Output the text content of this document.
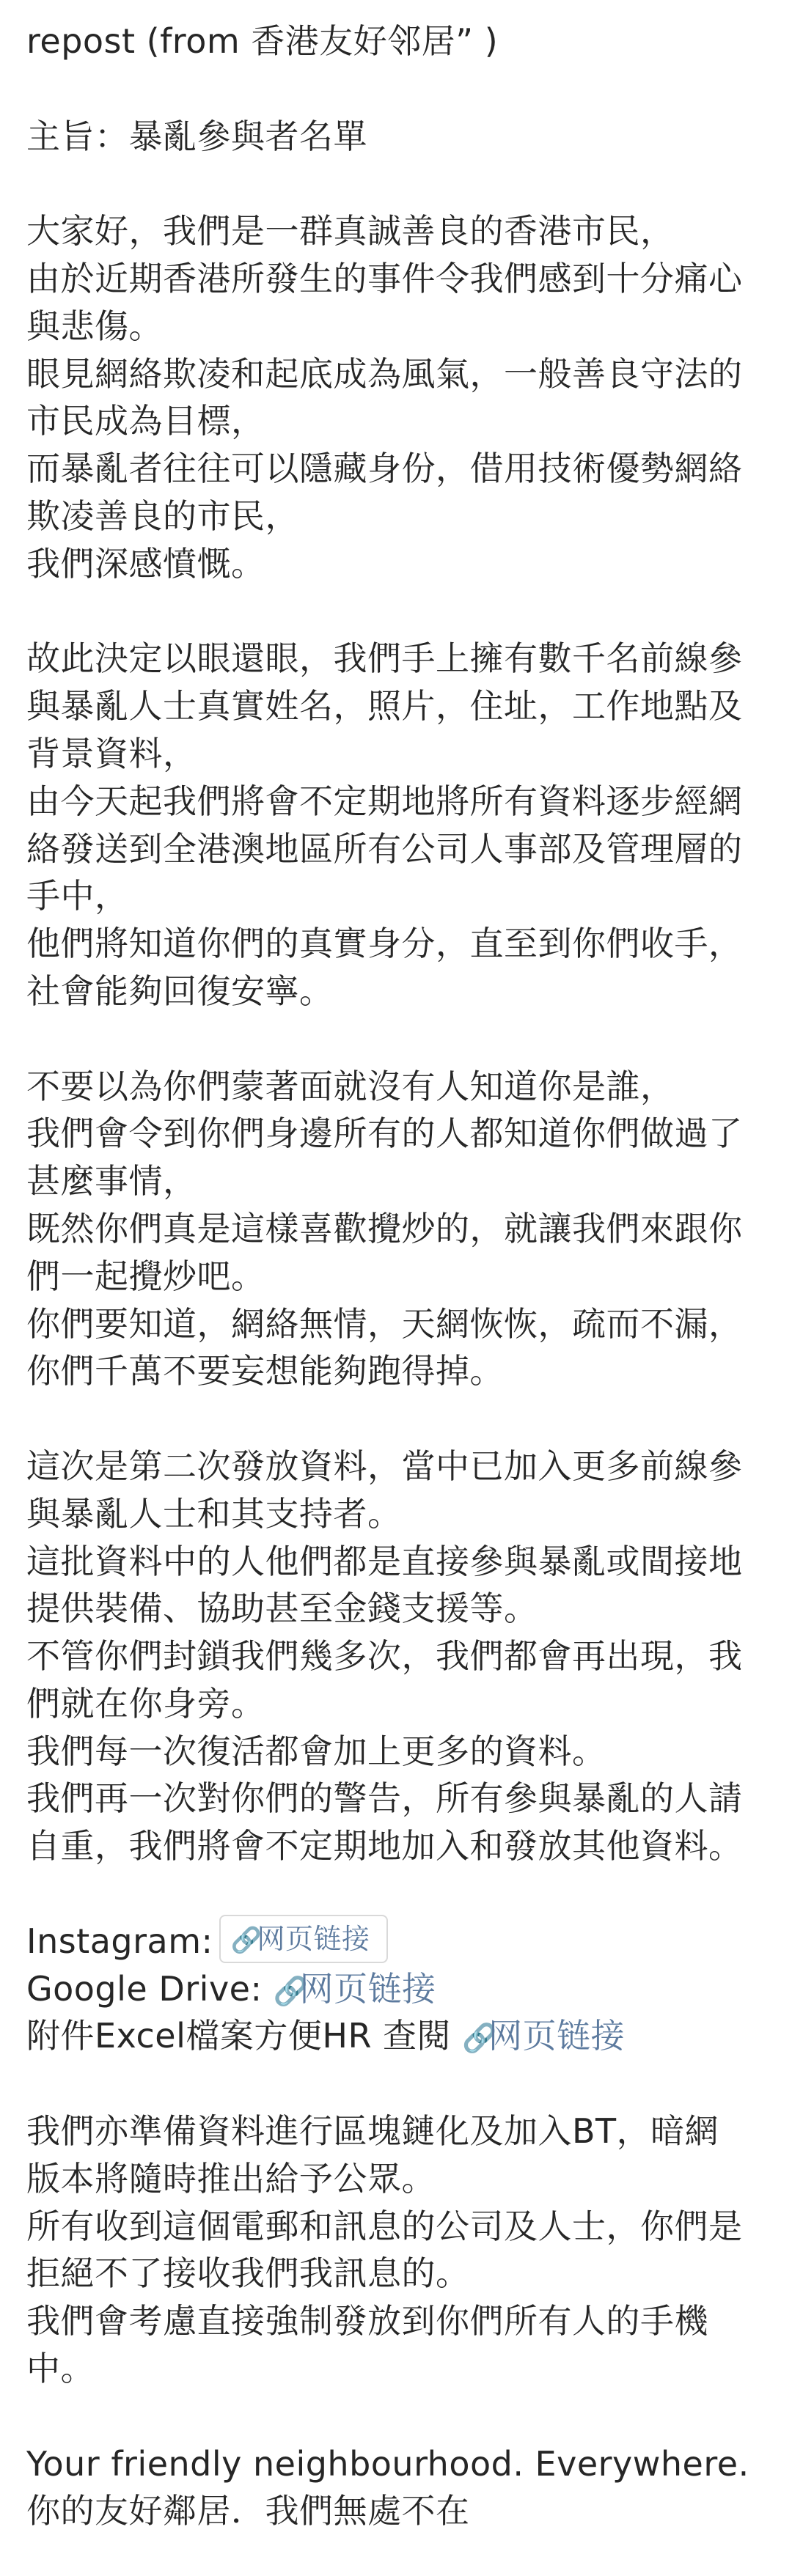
repost (from 香港友好邻居” )
主旨：暴亂參與者名單
大家好，我們是一群真誠善良的香港市民，
由於近期香港所發生的事件令我們感到十分痛心
與悲傷。
眼見網絡欺凌和起底成為風氣，一般善良守法的
市民成為目標，
而暴亂者往往可以隱藏身份，借用技術優勢網絡
欺凌善良的市民，
我們深感憤慨。
故此決定以眼還眼，我們手上擁有數千名前線參
與暴亂人士真實姓名，照片，住址，工作地點及
背景資料，
由今天起我們將會不定期地將所有資料逐步經網
絡發送到全港澳地區所有公司人事部及管理層的
手中，
他們將知道你們的真實身分，直至到你們收手，
社會能夠回復安寧。
不要以為你們蒙著面就沒有人知道你是誰，
我們會令到你們身邊所有的人都知道你們做過了
甚麼事情，
既然你們真是這樣喜歡攪炒的，就讓我們來跟你
們一起攪炒吧。
你們要知道，網絡無情，天網恢恢，疏而不漏，
你們千萬不要妄想能夠跑得掉。
這次是第二次發放資料，當中已加入更多前線參
與暴亂人士和其支持者。
這批資料中的人他們都是直接參與暴亂或間接地
提供裝備、協助甚至金錢支援等。
不管你們封鎖我們幾多次，我們都會再出現，我
們就在你身旁。
我們每一次復活都會加上更多的資料。
我們再一次對你們的警告，所有參與暴亂的人請
自重，我們將會不定期地加入和發放其他資料。
Instagram: 🔗网页链接
Google Drive: 🔗网页链接
附件Excel檔案方便HR 查閱 🔗网页链接
我們亦準備資料進行區塊鏈化及加入BT，暗網
版本將隨時推出給予公眾。
所有收到這個電郵和訊息的公司及人士，你們是
拒絕不了接收我們我訊息的。
我們會考慮直接強制發放到你們所有人的手機
中。
Your friendly neighbourhood. Everywhere.
你的友好鄰居．我們無處不在
